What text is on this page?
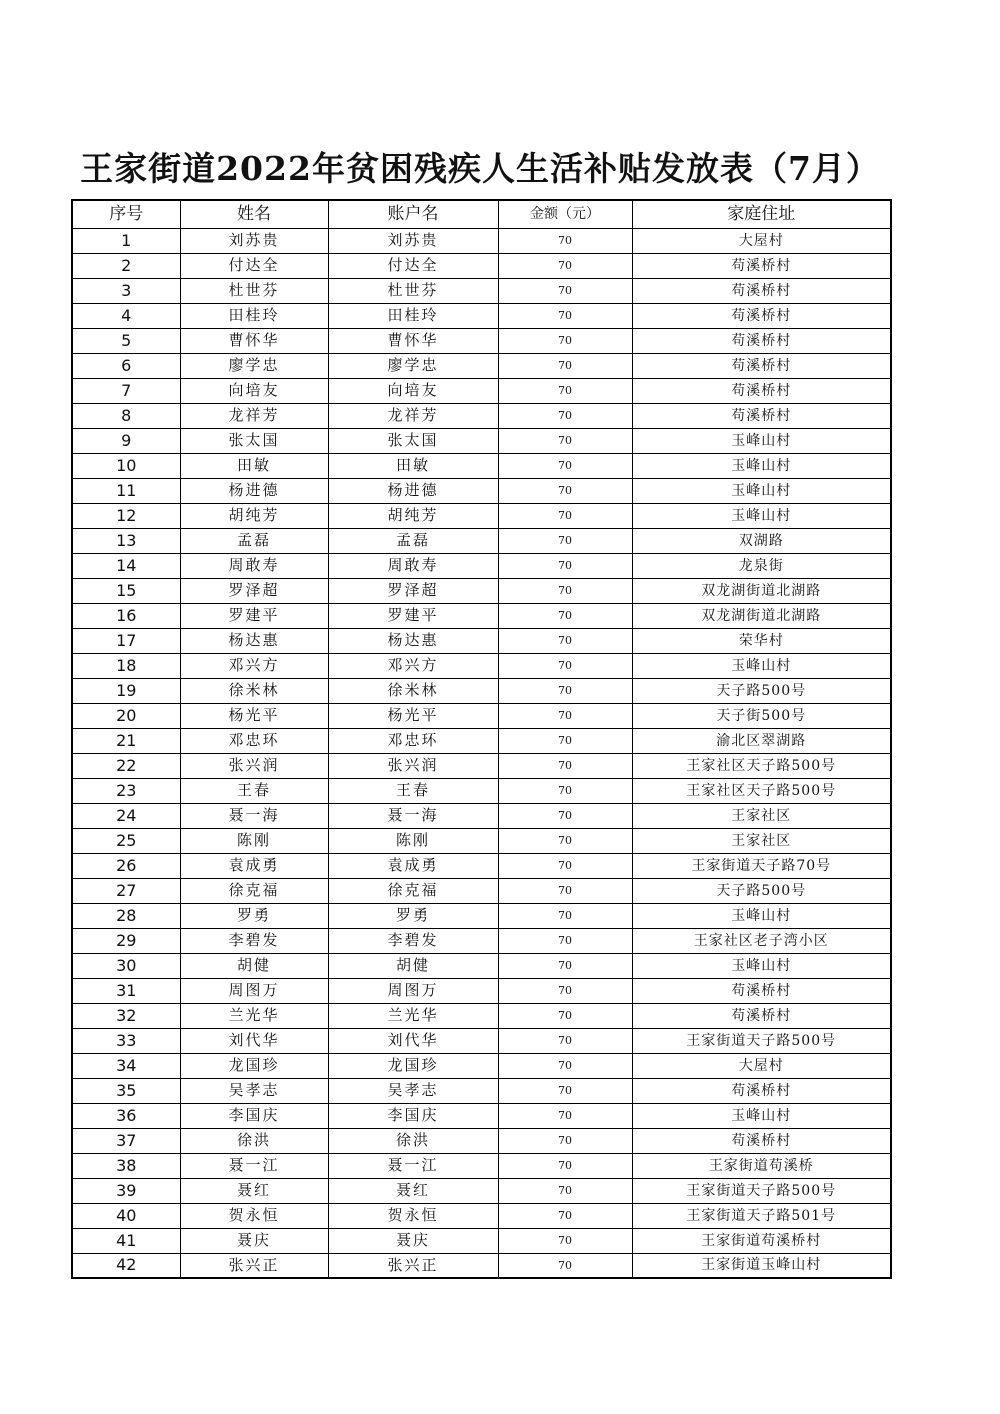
王家街道2022年贫困残疾人生活补贴发放表（7月）
序号	姓名	账户名	金额（元）	家庭住址
1	刘苏贵	刘苏贵	70	大屋村
2	付达全	付达全	70	苟溪桥村
3	杜世芬	杜世芬	70	苟溪桥村
4	田桂玲	田桂玲	70	苟溪桥村
5	曹怀华	曹怀华	70	苟溪桥村
6	廖学忠	廖学忠	70	苟溪桥村
7	向培友	向培友	70	苟溪桥村
8	龙祥芳	龙祥芳	70	苟溪桥村
9	张太国	张太国	70	玉峰山村
10	田敏	田敏	70	玉峰山村
11	杨进德	杨进德	70	玉峰山村
12	胡纯芳	胡纯芳	70	玉峰山村
13	孟磊	孟磊	70	双湖路
14	周敢寿	周敢寿	70	龙泉街
15	罗泽超	罗泽超	70	双龙湖街道北湖路
16	罗建平	罗建平	70	双龙湖街道北湖路
17	杨达惠	杨达惠	70	荣华村
18	邓兴方	邓兴方	70	玉峰山村
19	徐米林	徐米林	70	天子路500号
20	杨光平	杨光平	70	天子街500号
21	邓忠环	邓忠环	70	渝北区翠湖路
22	张兴润	张兴润	70	王家社区天子路500号
23	王春	王春	70	王家社区天子路500号
24	聂一海	聂一海	70	王家社区
25	陈刚	陈刚	70	王家社区
26	袁成勇	袁成勇	70	王家街道天子路70号
27	徐克福	徐克福	70	天子路500号
28	罗勇	罗勇	70	玉峰山村
29	李碧发	李碧发	70	王家社区老子湾小区
30	胡健	胡健	70	玉峰山村
31	周图万	周图万	70	苟溪桥村
32	兰光华	兰光华	70	苟溪桥村
33	刘代华	刘代华	70	王家街道天子路500号
34	龙国珍	龙国珍	70	大屋村
35	吴孝志	吴孝志	70	苟溪桥村
36	李国庆	李国庆	70	玉峰山村
37	徐洪	徐洪	70	苟溪桥村
38	聂一江	聂一江	70	王家街道苟溪桥
39	聂红	聂红	70	王家街道天子路500号
40	贺永恒	贺永恒	70	王家街道天子路501号
41	聂庆	聂庆	70	王家街道苟溪桥村
42	张兴正	张兴正	70	王家街道玉峰山村
